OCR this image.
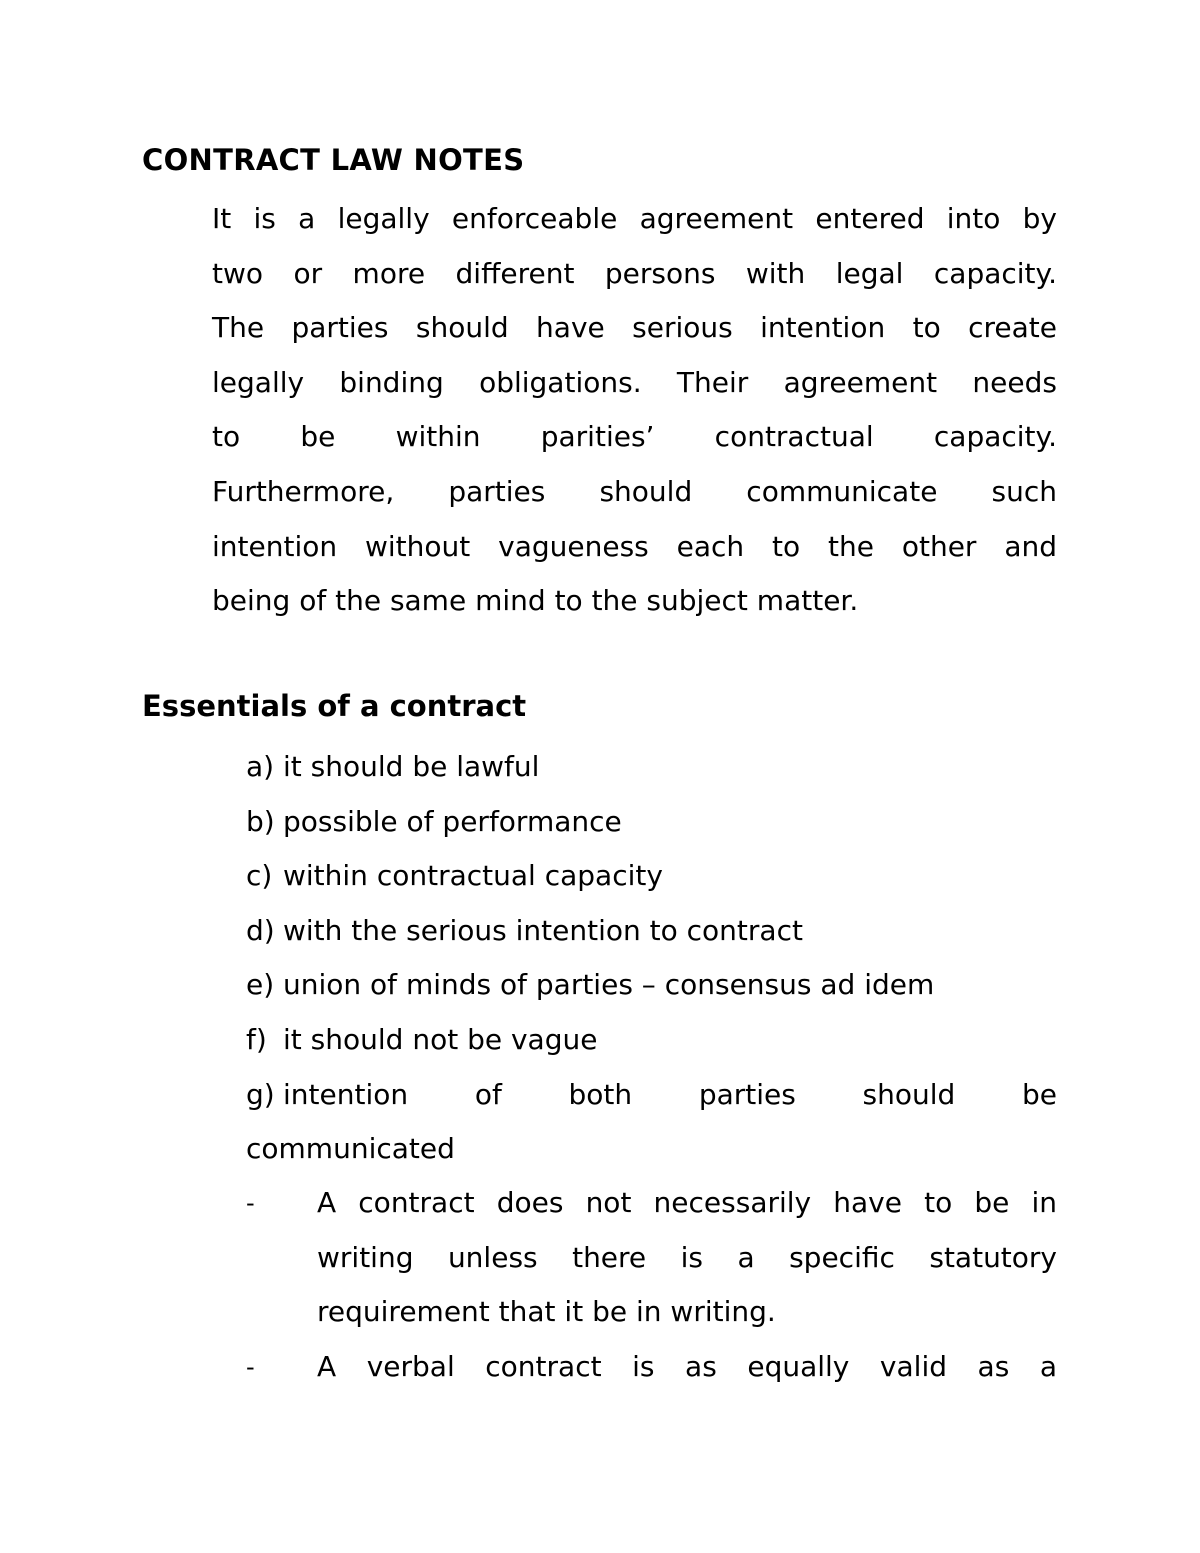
CONTRACT LAW NOTES
It is a legally enforceable agreement entered into by
two or more different persons with legal capacity.
The parties should have serious intention to create
legally binding obligations. Their agreement needs
to be within parities’ contractual capacity.
Furthermore, parties should communicate such
intention without vagueness each to the other and
being of the same mind to the subject matter.
Essentials of a contract
a) it should be lawful
b) possible of performance
c) within contractual capacity
d) with the serious intention to contract
e) union of minds of parties – consensus ad idem
f) it should not be vague
g) intention of both parties should be
communicated
-	A contract does not necessarily have to be in
writing unless there is a specific statutory
requirement that it be in writing.
-	A verbal contract is as equally valid as a
